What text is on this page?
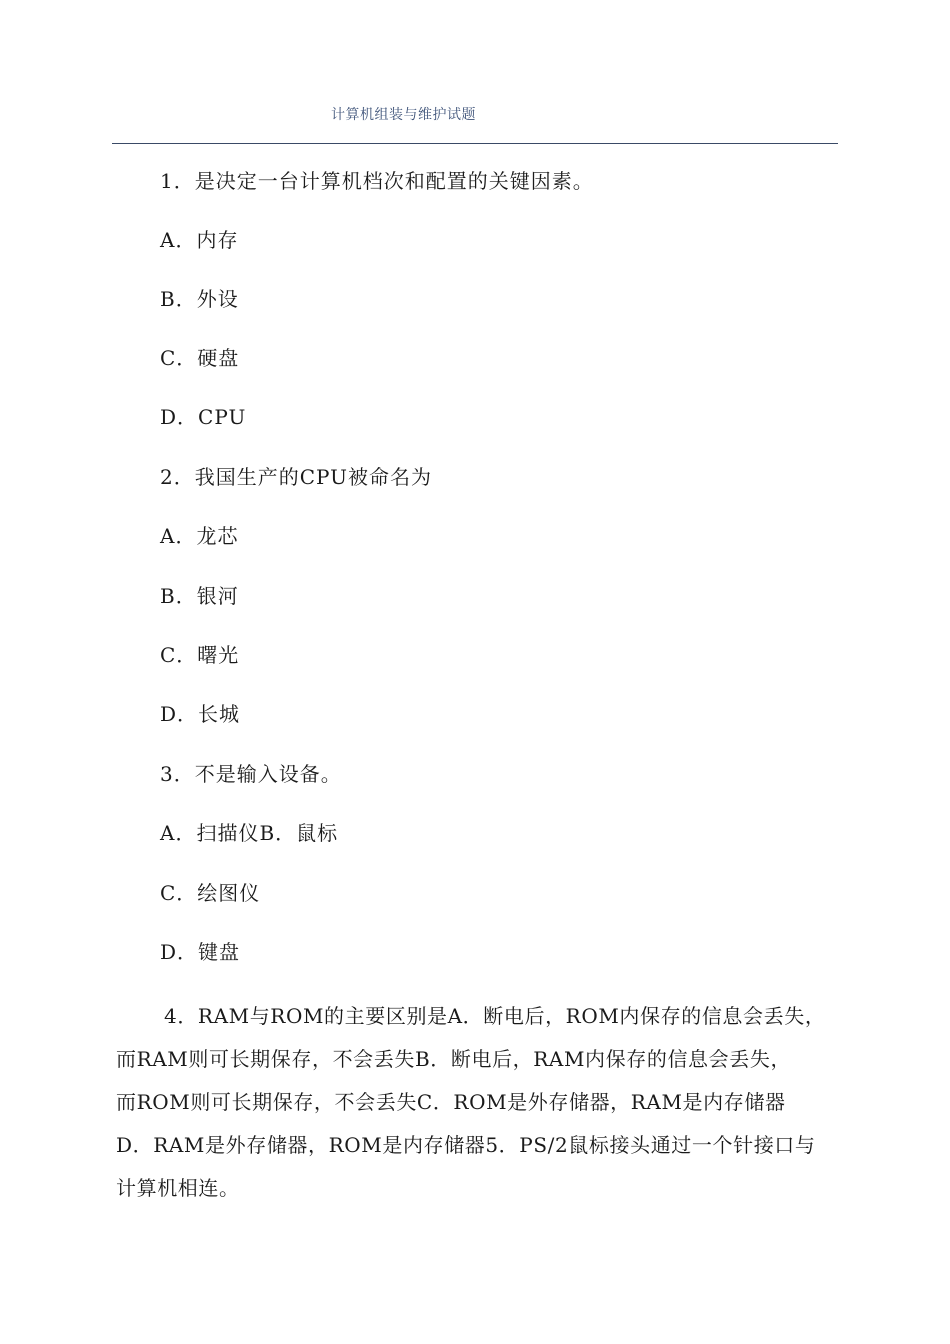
计算机组装与维护试题
1．是决定一台计算机档次和配置的关键因素。
A．内存
B．外设
C．硬盘
D．CPU
2．我国生产的CPU被命名为
A．龙芯
B．银河
C．曙光
D．长城
3．不是输入设备。
A．扫描仪B．鼠标
C．绘图仪
D．键盘
4．RAM与ROM的主要区别是A．断电后，ROM内保存的信息会丢失，
而RAM则可长期保存，不会丢失B．断电后，RAM内保存的信息会丢失，
而ROM则可长期保存，不会丢失C．ROM是外存储器，RAM是内存储器
D．RAM是外存储器，ROM是内存储器5．PS/2鼠标接头通过一个针接口与
计算机相连。
